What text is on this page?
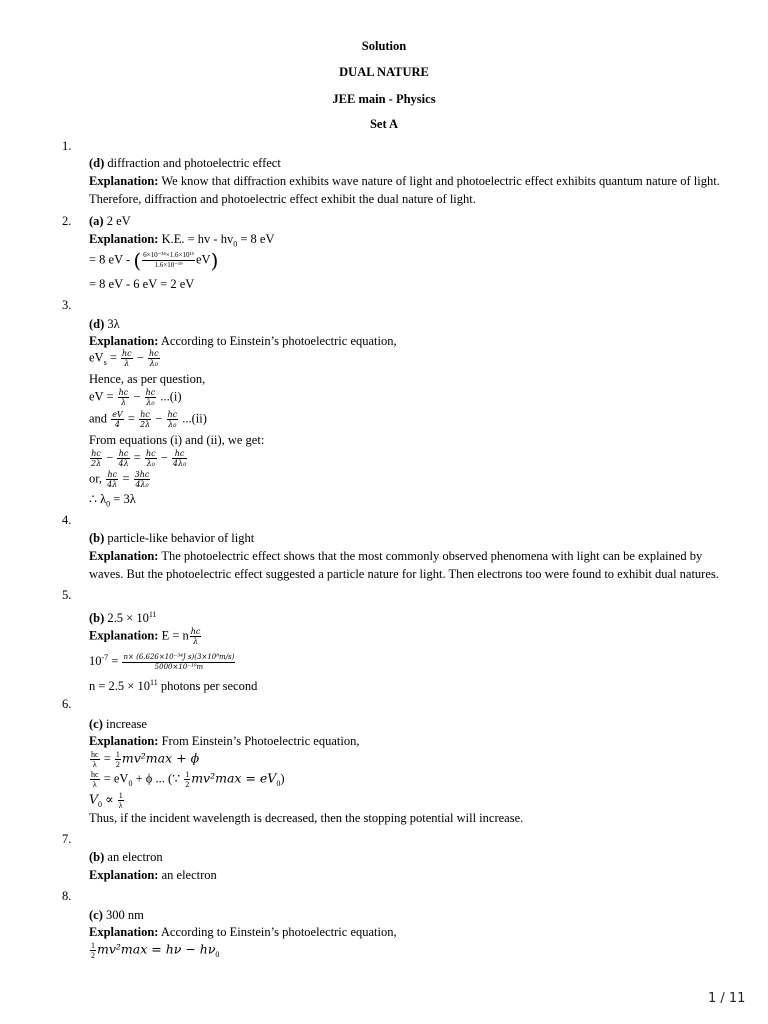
Solution
DUAL NATURE
JEE main - Physics
Set A
1.
(d) diffraction and photoelectric effect
Explanation: We know that diffraction exhibits wave nature of light and photoelectric effect exhibits quantum nature of light. Therefore, diffraction and photoelectric effect exhibit the dual nature of light.
2. (a) 2 eV
Explanation: K.E. = hv - $hv_0 = 8$ eV
= 8 eV - ( $\frac{\text{6×10⁻³⁴×1.6×10¹⁵}}{\text{1.6×10⁻¹⁹}} eV$)
= 8 eV - 6 eV = 2 eV
3.
(d) 3λ
Explanation: According to Einstein’s photoelectric equation,
$eV_s = \frac{hc}{\lambda} - \frac{hc}{\text{λ₀}}$
Hence, as per question,
eV = $\frac{hc}{\lambda} - \frac{hc}{\text{λ₀}} ...(i)$
and $\frac{eV}{4} = \frac{hc}{2\lambda} - \frac{hc}{\text{λ₀}} ...(ii)$
From equations (i) and (ii), we get:
$\frac{hc}{2\lambda} - \frac{hc}{4\lambda} = \frac{hc}{\text{λ₀}} - \frac{hc}{\text{4λ₀}}$
or, $\frac{hc}{4\lambda} = \frac{3hc}{\text{4λ₀}}$
∴ $\lambda_0 = 3\lambda$
4.
(b) particle-like behavior of light
Explanation: The photoelectric effect shows that the most commonly observed phenomena with light can be explained by waves. But the photoelectric effect suggested a particle nature for light. Then electrons too were found to exhibit dual natures.
5.
(b) $2.5 \times 10^{11}$
Explanation: E = n $\frac{hc}{\lambda}$
$10^{-7} = \frac{\text{n× (6.626×10⁻³⁴J s)(3×10⁸m/s)}}{\text{5000×10⁻¹⁰m}}$
$n = 2.5 \times 10^{11}$ photons per second
6.
(c) increase
Explanation: From Einstein’s Photoelectric equation,
$\frac{hc}{\lambda} = \frac{1}{2} mv^2\max + \phi$
$\frac{hc}{\lambda} = eV_0 + \phi$ ... (∵ $\frac{1}{2} mv^2\max = eV_0$)
$V_0 \propto \frac{1}{\lambda}$
Thus, if the incident wavelength is decreased, then the stopping potential will increase.
7.
(b) an electron
Explanation: an electron
8.
(c) 300 nm
Explanation: According to Einstein’s photoelectric equation,
$\frac{1}{2} mv^2\max = h\nu - h\nu_0$
1 / 11
